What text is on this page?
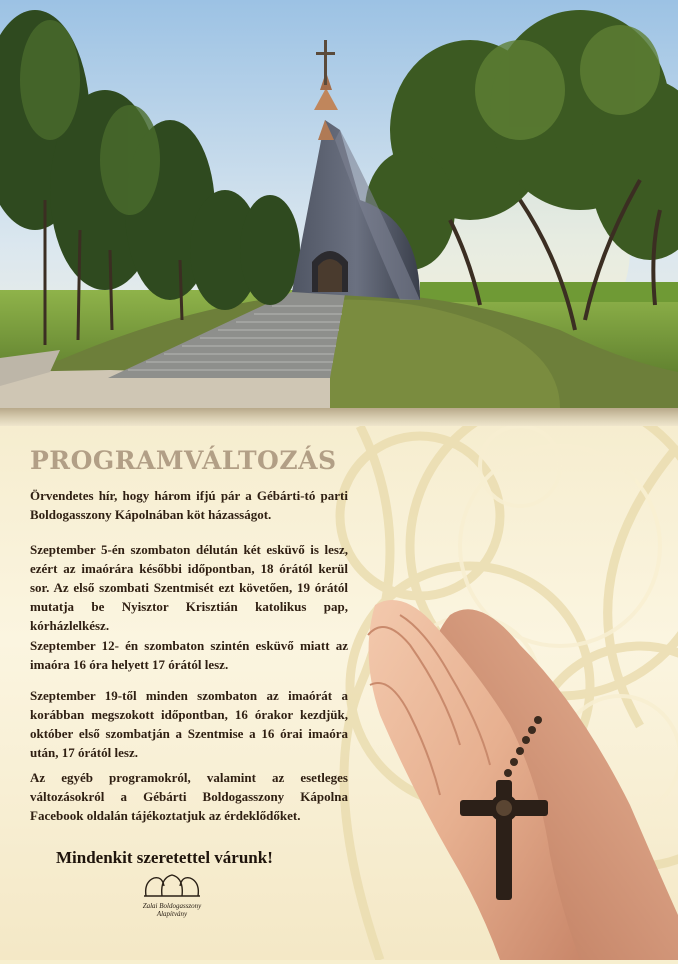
PROGRAMVÁLTOZÁS

Örvendetes hír, hogy három ifjú pár a Gébárti-tó parti Boldogasszony Kápolnában köt házasságot.

Szeptember 5-én szombaton délután két esküvő is lesz, ezért az imaórára későbbi időpontban, 18 órától kerül sor. Az első szombati Szentmisét ezt követően, 19 órától mutatja be Nyisztor Krisztián katolikus pap, kórházlelkész.

Szeptember 12- én szombaton szintén esküvő miatt az imaóra 16 óra helyett 17 órától lesz.

Szeptember 19-től minden szombaton az imaórát a korábban megszokott időpontban, 16 órakor kezdjük, október első szombatján a Szentmise a 16 órai imaóra után, 17 órától lesz.

Az egyéb programokról, valamint az esetleges változásokról a Gébárti Boldogasszony Kápolna Facebook oldalán tájékoztatjuk az érdeklődőket.

Mindenkit szeretettel várunk!

Zalai Boldogasszony
Alapítvány
